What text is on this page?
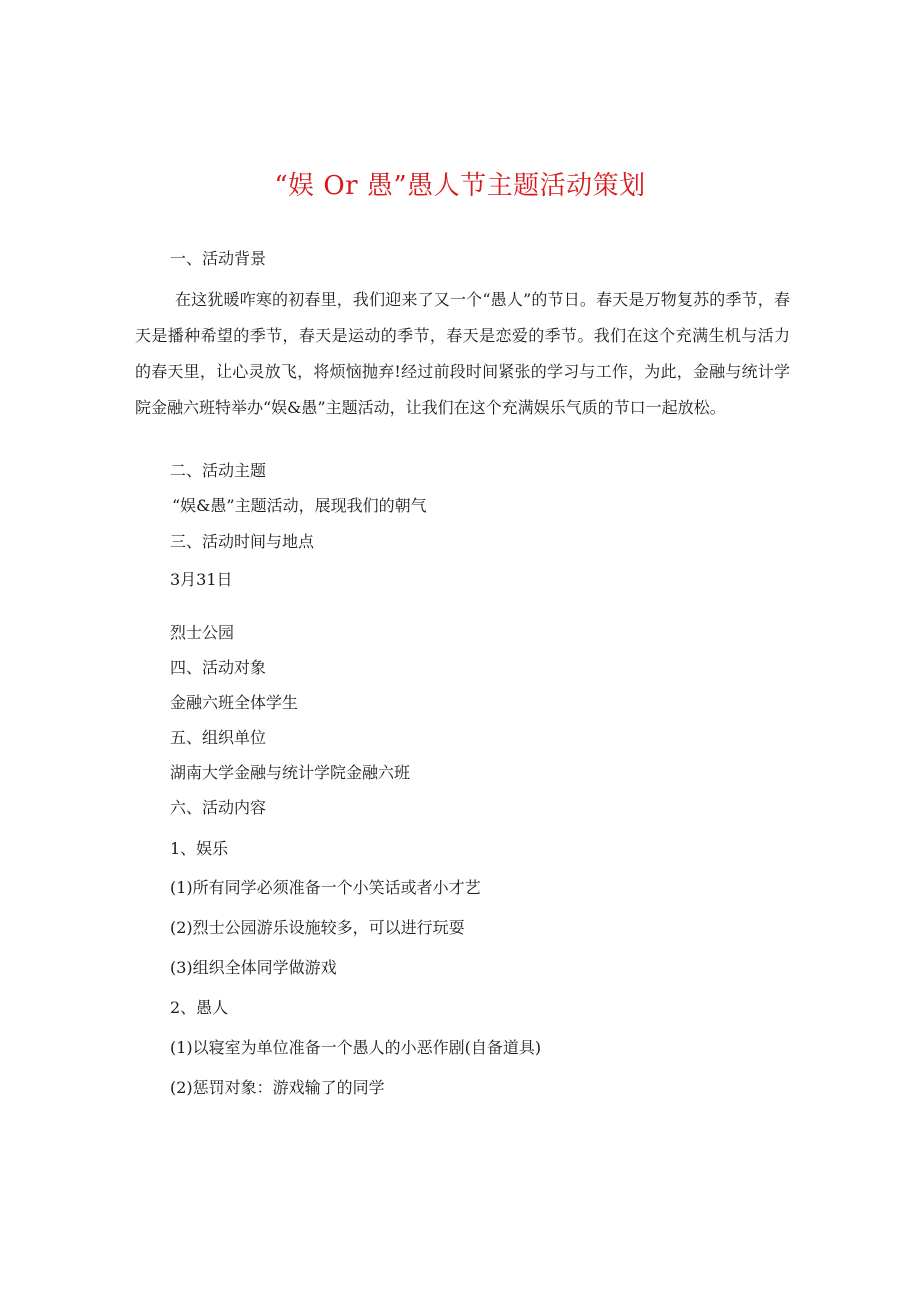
“娱 Or 愚”愚人节主题活动策划

一、活动背景

在这犹暖咋寒的初春里，我们迎来了又一个“愚人”的节日。春天是万物复苏的季节，春天是播种希望的季节，春天是运动的季节，春天是恋爱的季节。我们在这个充满生机与活力的春天里，让心灵放飞，将烦恼抛弃!经过前段时间紧张的学习与工作，为此，金融与统计学院金融六班特举办“娱&愚”主题活动，让我们在这个充满娱乐气质的节口一起放松。

二、活动主题

“娱&愚”主题活动，展现我们的朝气

三、活动时间与地点

3月31日

烈士公园

四、活动对象

金融六班全体学生

五、组织单位

湖南大学金融与统计学院金融六班

六、活动内容

1、娱乐

(1)所有同学必须准备一个小笑话或者小才艺

(2)烈士公园游乐设施较多，可以进行玩耍

(3)组织全体同学做游戏

2、愚人

(1)以寝室为单位准备一个愚人的小恶作剧(自备道具)

(2)惩罚对象：游戏输了的同学
